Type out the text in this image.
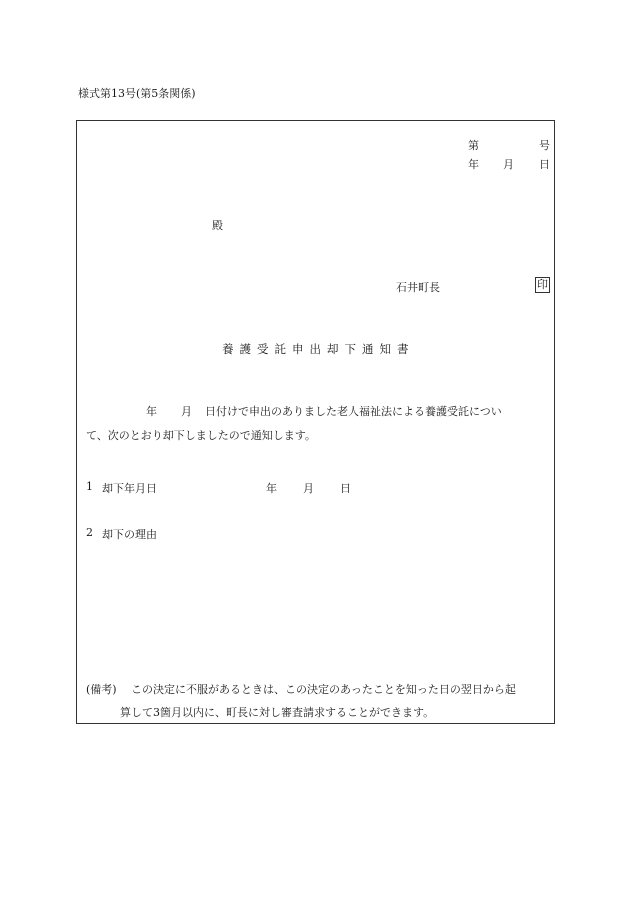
様式第13号(第5条関係)
第	号
年 月 日
殿
石井町長	印
養護受託申出却下通知書
年 月 日付けで申出のありました老人福祉法による養護受託につい
て、次のとおり却下しましたので通知します。
1 却下年月日	年 月 日
2 却下の理由
(備考) この決定に不服があるときは、この決定のあったことを知った日の翌日から起
算して3箇月以内に、町長に対し審査請求することができます。
